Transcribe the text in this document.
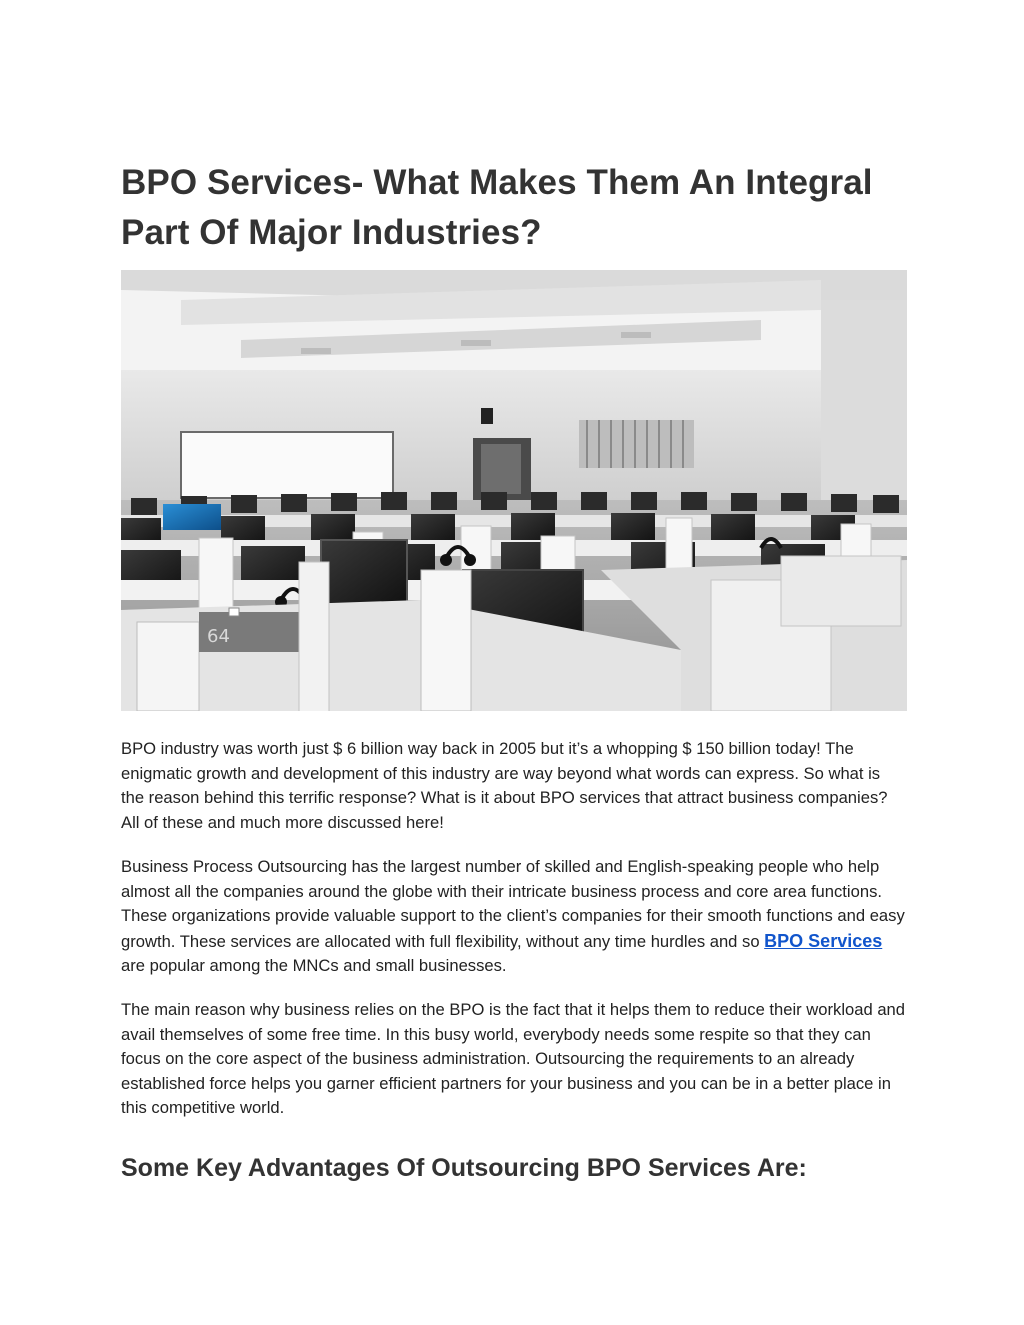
BPO Services- What Makes Them An Integral Part Of Major Industries?
64

BPO industry was worth just $ 6 billion way back in 2005 but it’s a whopping $ 150 billion today! The enigmatic growth and development of this industry are way beyond what words can express. So what is the reason behind this terrific response? What is it about BPO services that attract business companies? All of these and much more discussed here!

Business Process Outsourcing has the largest number of skilled and English-speaking people who help almost all the companies around the globe with their intricate business process and core area functions. These organizations provide valuable support to the client’s companies for their smooth functions and easy growth. These services are allocated with full flexibility, without any time hurdles and so BPO Services are popular among the MNCs and small businesses.

The main reason why business relies on the BPO is the fact that it helps them to reduce their workload and avail themselves of some free time. In this busy world, everybody needs some respite so that they can focus on the core aspect of the business administration. Outsourcing the requirements to an already established force helps you garner efficient partners for your business and you can be in a better place in this competitive world.

Some Key Advantages Of Outsourcing BPO Services Are:
